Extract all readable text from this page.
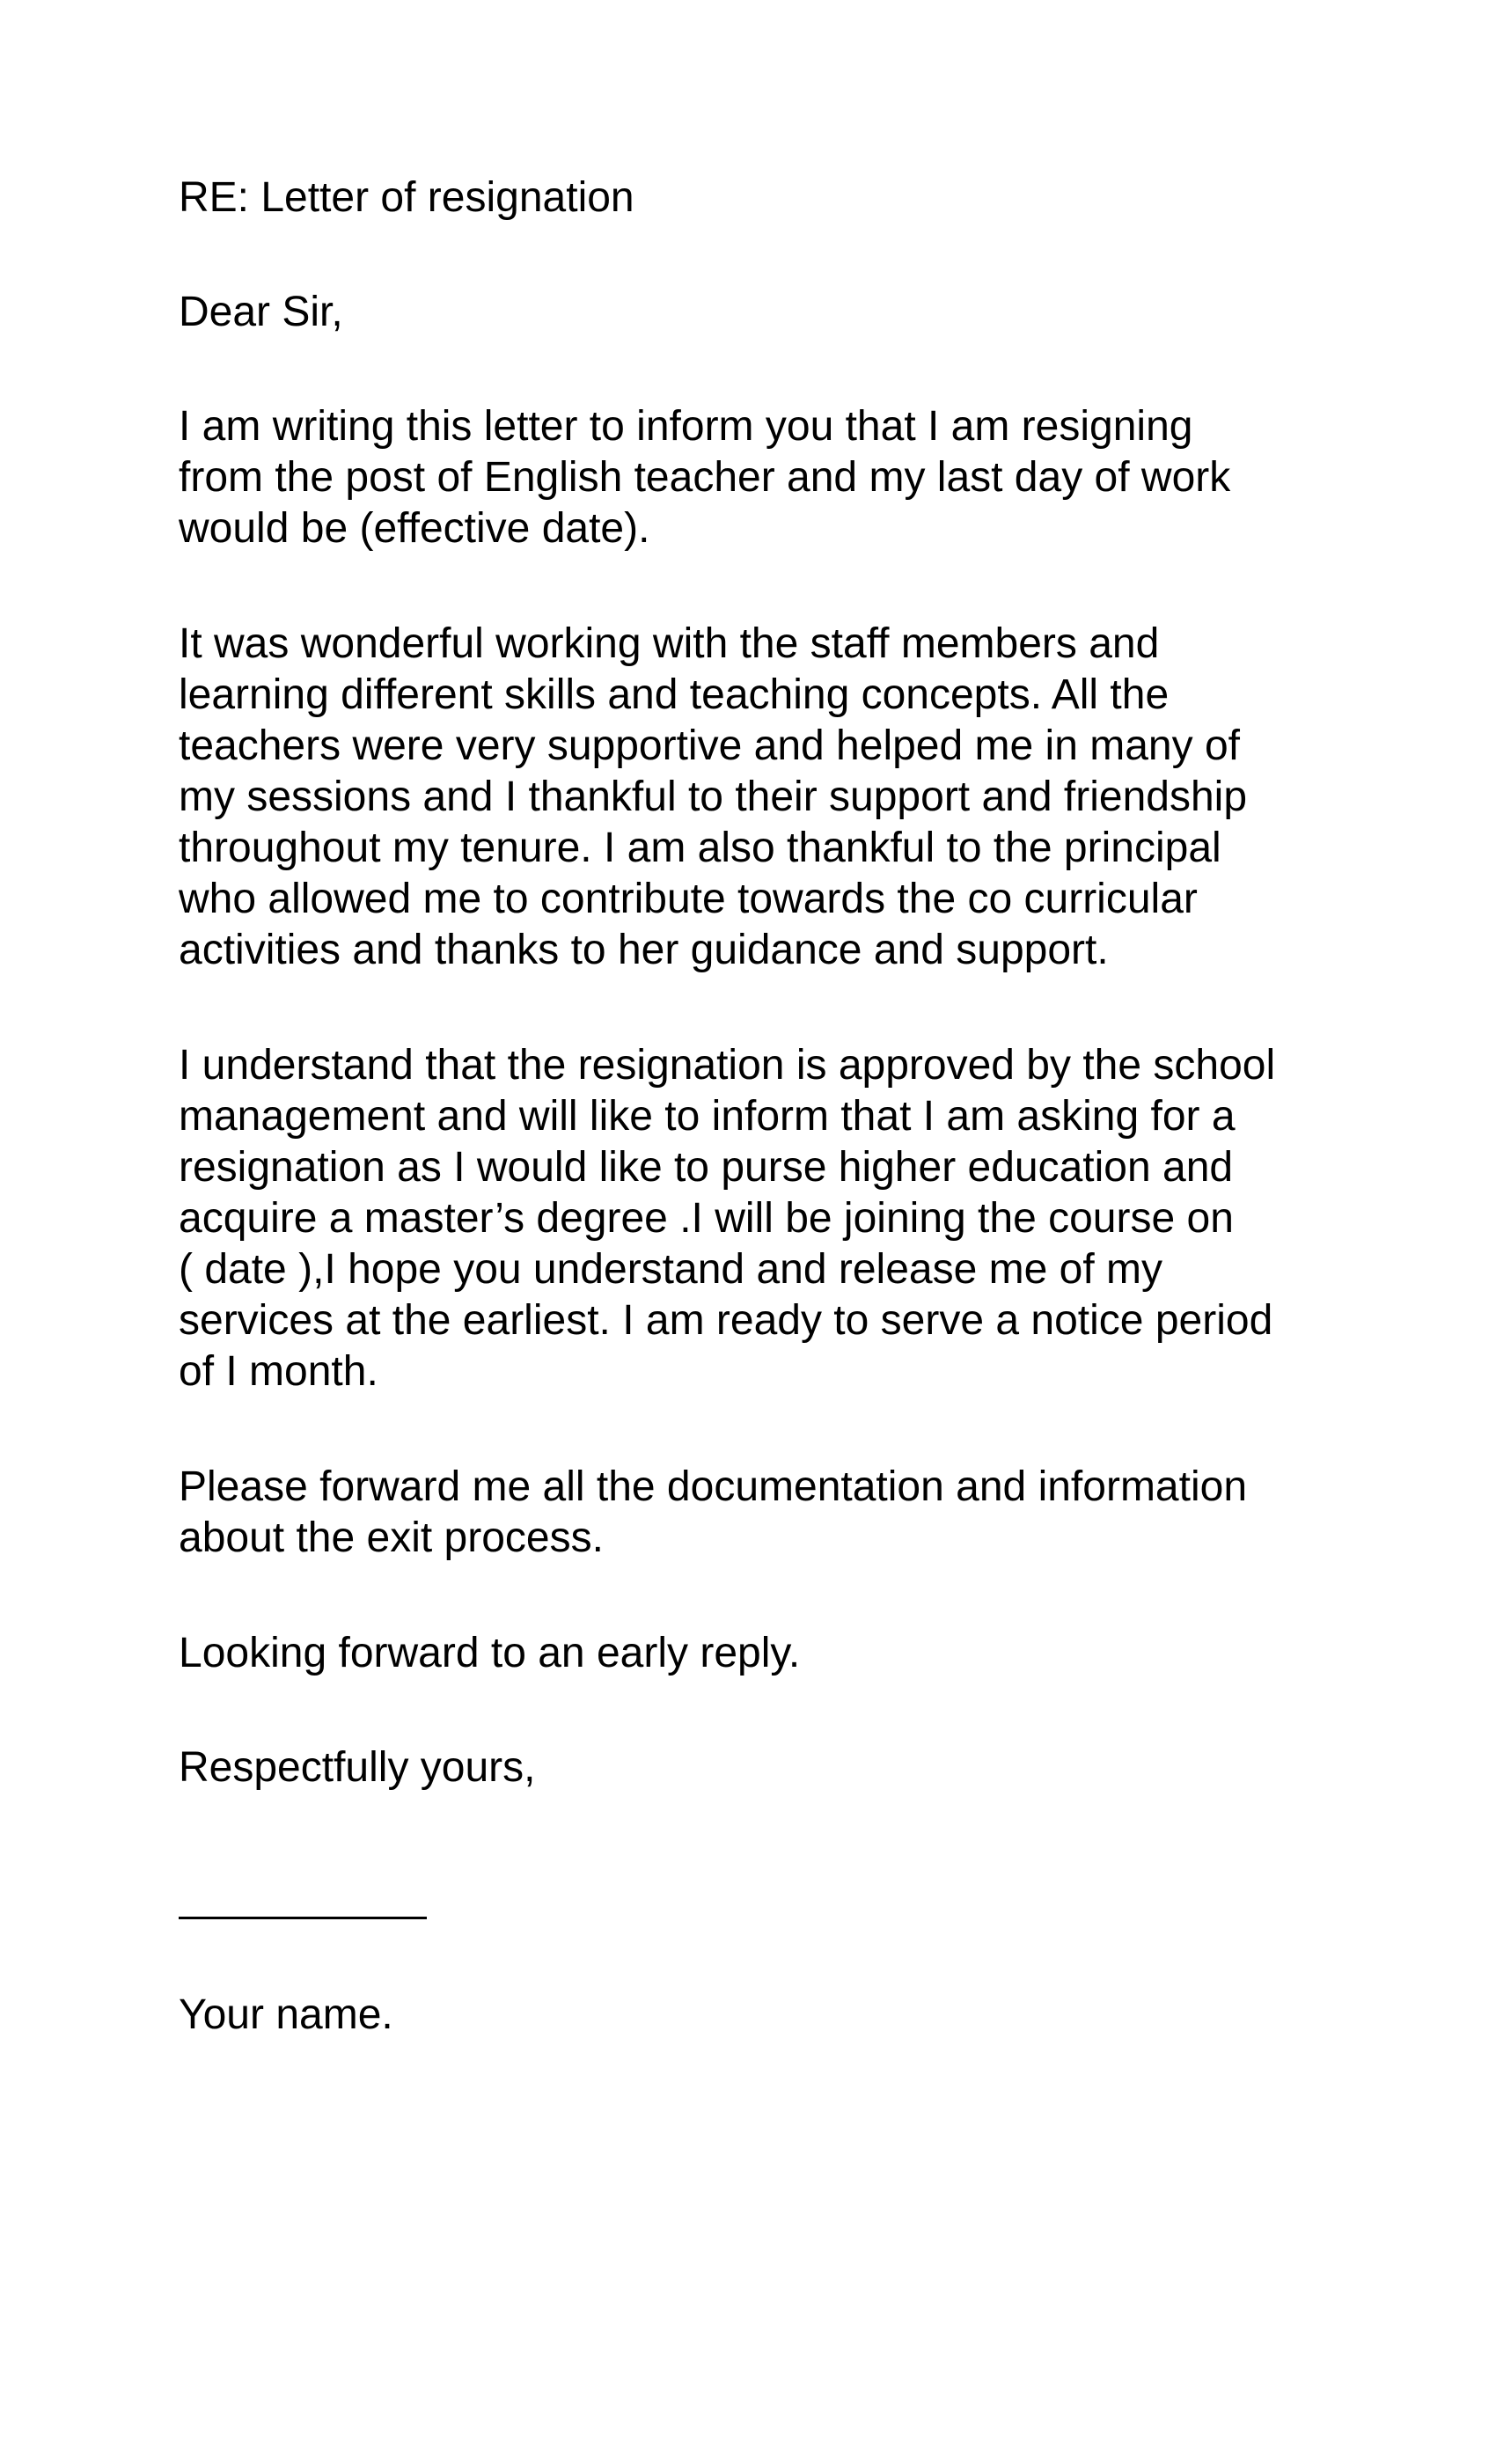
RE: Letter of resignation

Dear Sir,

I am writing this letter to inform you that I am resigning
from the post of English teacher and my last day of work
would be (effective date).

It was wonderful working with the staff members and
learning different skills and teaching concepts. All the
teachers were very supportive and helped me in many of
my sessions and I thankful to their support and friendship
throughout my tenure. I am also thankful to the principal
who allowed me to contribute towards the co curricular
activities and thanks to her guidance and support.

I understand that the resignation is approved by the school
management and will like to inform that I am asking for a
resignation as I would like to purse higher education and
acquire a master’s degree .I will be joining the course on
( date ),I hope you understand and release me of my
services at the earliest. I am ready to serve a notice period
of I month.

Please forward me all the documentation and information
about the exit process.

Looking forward to an early reply.

Respectfully yours,

Your name.
